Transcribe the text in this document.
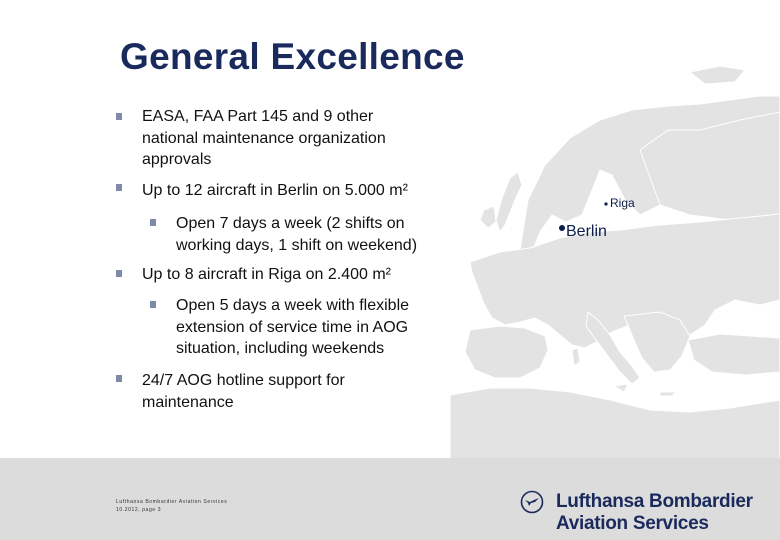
General Excellence
EASA, FAA Part 145 and 9 other
national maintenance organization
approvals
Up to 12 aircraft in Berlin on 5.000 m²
Open 7 days a week (2 shifts on
working days, 1 shift on weekend)
Up to 8 aircraft in Riga on 2.400 m²
Open 5 days a week with flexible
extension of service time in AOG
situation, including weekends
24/7 AOG hotline support for
maintenance
Riga
Berlin
Lufthansa Bombardier Aviation Services
10.2012, page 3	Lufthansa Bombardier
Aviation Services
